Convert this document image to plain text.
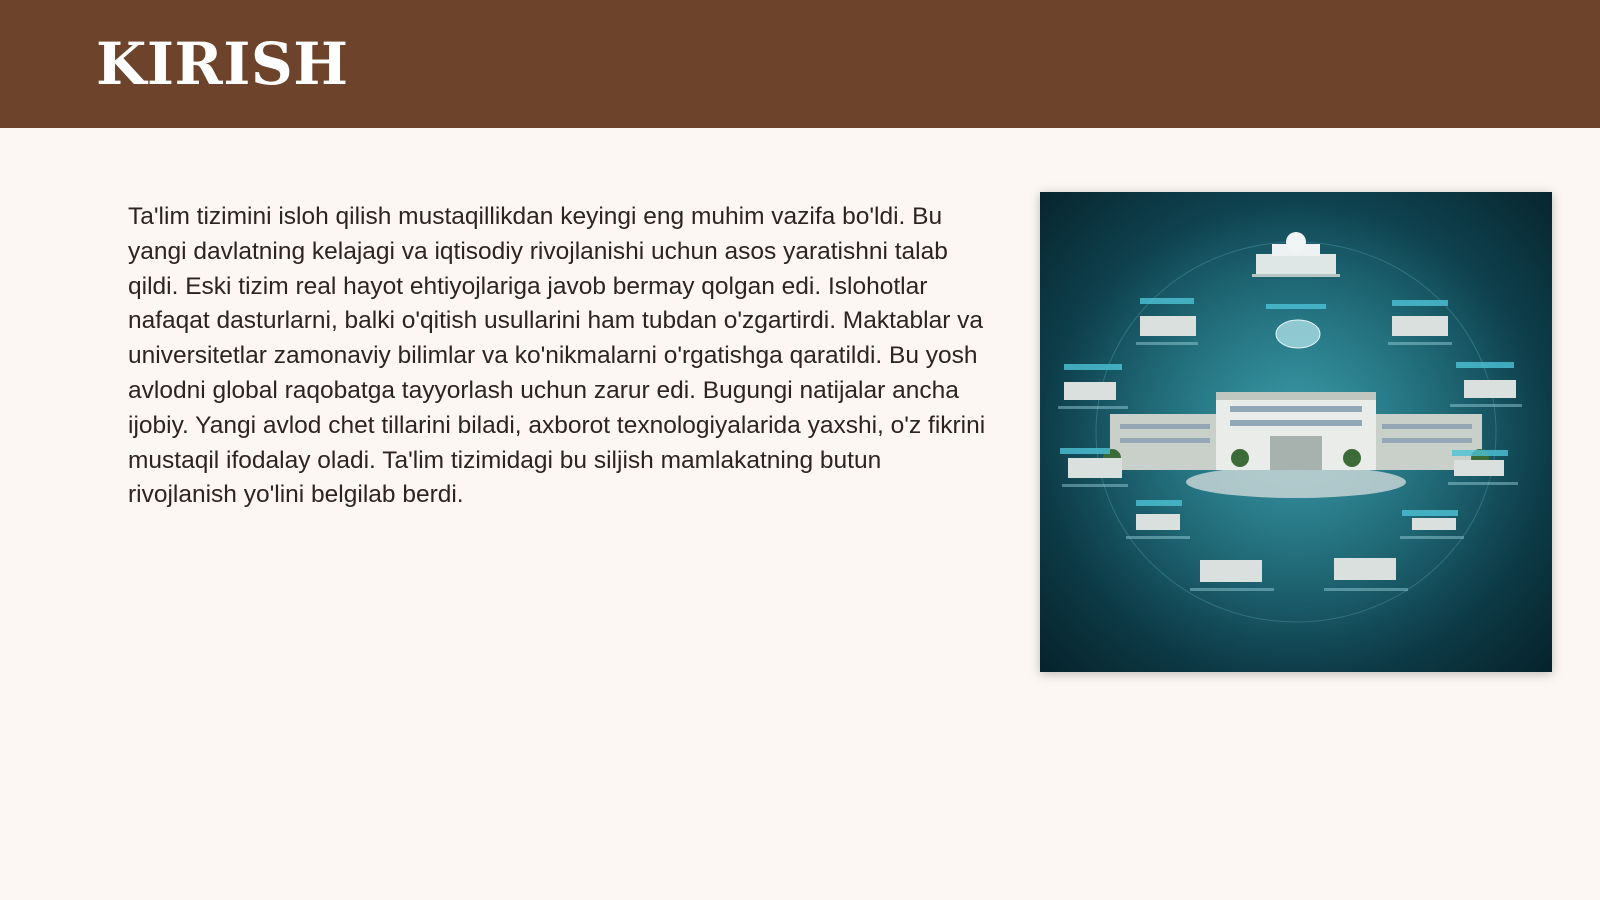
KIRISH

Ta'lim tizimini isloh qilish mustaqillikdan keyingi eng muhim vazifa bo'ldi. Bu yangi davlatning kelajagi va iqtisodiy rivojlanishi uchun asos yaratishni talab qildi. Eski tizim real hayot ehtiyojlariga javob bermay qolgan edi. Islohotlar nafaqat dasturlarni, balki o'qitish usullarini ham tubdan o'zgartirdi. Maktablar va universitetlar zamonaviy bilimlar va ko'nikmalarni o'rgatishga qaratildi. Bu yosh avlodni global raqobatga tayyorlash uchun zarur edi. Bugungi natijalar ancha ijobiy. Yangi avlod chet tillarini biladi, axborot texnologiyalarida yaxshi, o'z fikrini mustaqil ifodalay oladi. Ta'lim tizimidagi bu siljish mamlakatning butun rivojlanish yo'lini belgilab berdi.
